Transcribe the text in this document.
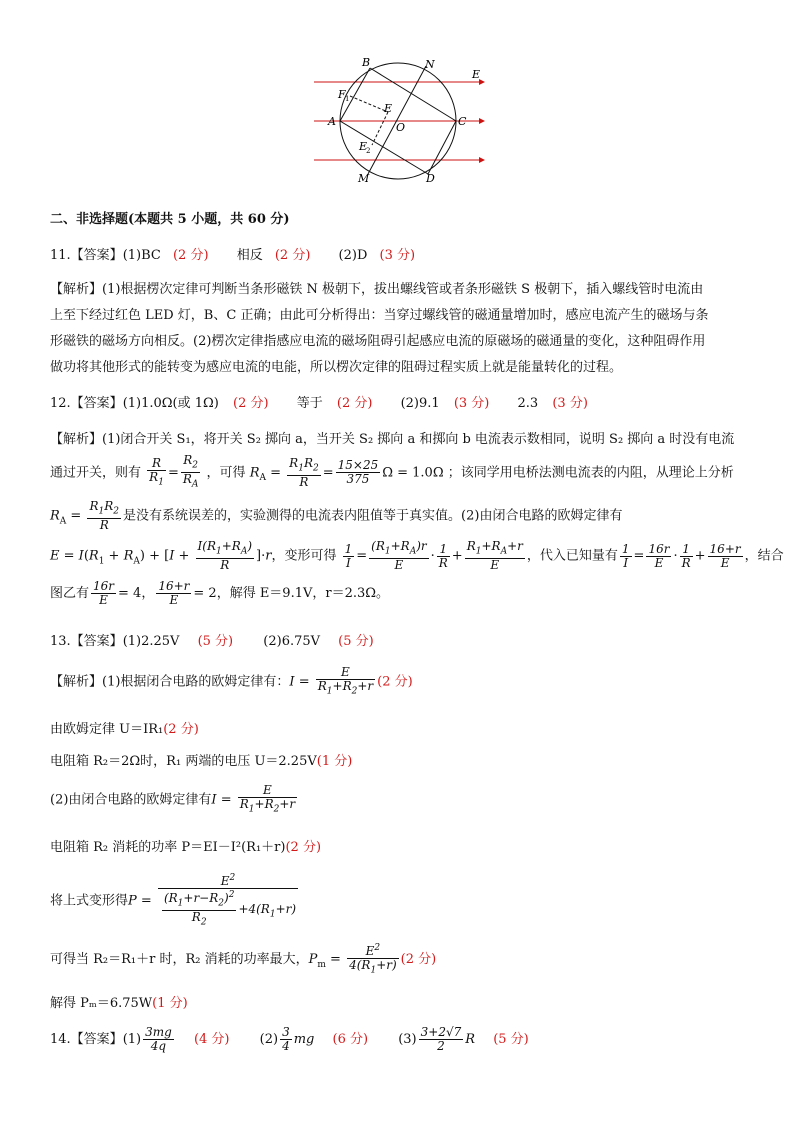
B	N
E
F 1
A
E
O	C
E
2
M	D
二、非选择题(本题共 5 小题，共 60 分)
11.【答案】(1)BC (2 分) 相反 (2 分) (2)D (3 分)
【解析】(1)根据楞次定律可判断当条形磁铁 N 极朝下，拔出螺线管或者条形磁铁 S 极朝下，插入螺线管时电流由
上至下经过红色 LED 灯，B、C 正确；由此可分析得出：当穿过螺线管的磁通量增加时，感应电流产生的磁场与条
形磁铁的磁场方向相反。(2)楞次定律指感应电流的磁场阻碍引起感应电流的原磁场的磁通量的变化，这种阻碍作用
做功将其他形式的能转变为感应电流的电能，所以楞次定律的阻碍过程实质上就是能量转化的过程。
12.【答案】(1)1.0Ω(或 1Ω) (2 分) 等于 (2 分) (2)9.1 (3 分) 2.3 (3 分)
【解析】(1)闭合开关 S₁，将开关 S₂ 掷向 a，当开关 S₂ 掷向 a 和掷向 b 电流表示数相同，说明 S₂ 掷向 a 时没有电流
通过开关，则有 $\frac{R}{R_1} = \frac{R_2}{R_A}$ ，可得 $R_A = \frac{R_1R_2}{R} = \frac{15\times 25}{375}$ Ω = 1.0Ω ；该同学用电桥法测电流表的内阻，从理论上分析
$R_A = \frac{R_1R_2}{R}$ 是没有系统误差的，实验测得的电流表内阻值等于真实值。(2)由闭合电路的欧姆定律有
$E = I(R_1 + R_A) + [I + \frac{I(R_1+R_A)}{R} ]\cdot r$，变形可得 $\frac{1}{I} = \frac{(R_1+R_A)r}{E} \cdot \frac{1}{R} + \frac{R_1+R_A+r}{E}$ ，代入已知量有 $\frac{1}{I} = \frac{16r}{E} \cdot \frac{1}{R} + \frac{16+r}{E}$ ，结合
图乙有 $\frac{16r}{E} = 4$， $\frac{16+r}{E} = 2$，解得 E＝9.1V，r＝2.3Ω。
13.【答案】(1)2.25V (5 分) (2)6.75V (5 分)
【解析】(1)根据闭合电路的欧姆定律有：$I = \frac{E}{R_1+R_2+r} (2$ 分)
由欧姆定律 U＝IR₁(2 分)
电阻箱 R₂＝2Ω时，R₁ 两端的电压 U＝2.25V(1 分)
(2)由闭合电路的欧姆定律有$I = \frac{E}{R_1+R_2+r}$
电阻箱 R₂ 消耗的功率 P＝EI－I²(R₁＋r)(2 分)
将上式变形得$P = \frac{E^2}{\frac{(R_1+r-R_2)^2}{R_2} +4(R_1+r)}$
可得当 R₂＝R₁＋r 时，R₂ 消耗的功率最大，$P_m = \frac{E^2}{4(R_1+r)} (2$ 分)
解得 Pₘ＝6.75W(1 分)
14.【答案】$(1) \frac{3mg}{4q} (4$ 分) $(2) \frac{3}{4}$ mg (6 分) $(3) \frac{3+2√7}{2}$ R (5 分)
